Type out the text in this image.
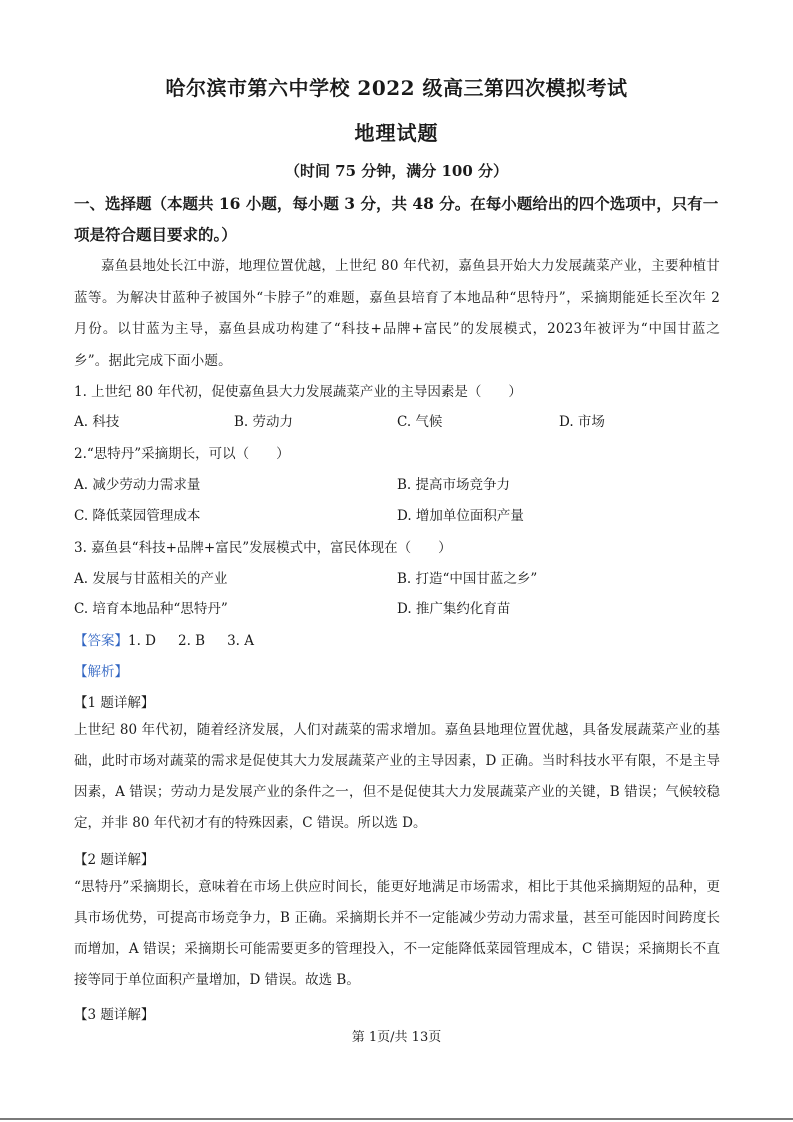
哈尔滨市第六中学校 2022 级高三第四次模拟考试
地理试题
（时间 75 分钟，满分 100 分）
一、选择题（本题共 16 小题，每小题 3 分，共 48 分。在每小题给出的四个选项中，只有一项是符合题目要求的。）
嘉鱼县地处长江中游，地理位置优越，上世纪 80 年代初，嘉鱼县开始大力发展蔬菜产业，主要种植甘蓝等。为解决甘蓝种子被国外“卡脖子”的难题，嘉鱼县培育了本地品种“思特丹”，采摘期能延长至次年 2 月份。以甘蓝为主导，嘉鱼县成功构建了“科技+品牌+富民”的发展模式，2023年被评为“中国甘蓝之乡”。据此完成下面小题。
1. 上世纪 80 年代初，促使嘉鱼县大力发展蔬菜产业的主导因素是（　　）
A. 科技	B. 劳动力	C. 气候	D. 市场
2.“思特丹”采摘期长，可以（　　）
A. 减少劳动力需求量	B. 提高市场竞争力
C. 降低菜园管理成本	D. 增加单位面积产量
3. 嘉鱼县“科技+品牌+富民”发展模式中，富民体现在（　　）
A. 发展与甘蓝相关的产业	B. 打造“中国甘蓝之乡”
C. 培育本地品种“思特丹”	D. 推广集约化育苗
【答案】1. D 2. B 3. A
【解析】
【1 题详解】
上世纪 80 年代初，随着经济发展，人们对蔬菜的需求增加。嘉鱼县地理位置优越，具备发展蔬菜产业的基础，此时市场对蔬菜的需求是促使其大力发展蔬菜产业的主导因素，D 正确。当时科技水平有限，不是主导因素，A 错误；劳动力是发展产业的条件之一，但不是促使其大力发展蔬菜产业的关键，B 错误；气候较稳定，并非 80 年代初才有的特殊因素，C 错误。所以选 D。
【2 题详解】
“思特丹”采摘期长，意味着在市场上供应时间长，能更好地满足市场需求，相比于其他采摘期短的品种，更具市场优势，可提高市场竞争力，B 正确。采摘期长并不一定能减少劳动力需求量，甚至可能因时间跨度长而增加，A 错误；采摘期长可能需要更多的管理投入，不一定能降低菜园管理成本，C 错误；采摘期长不直接等同于单位面积产量增加，D 错误。故选 B。
【3 题详解】
第 1页/共 13页
